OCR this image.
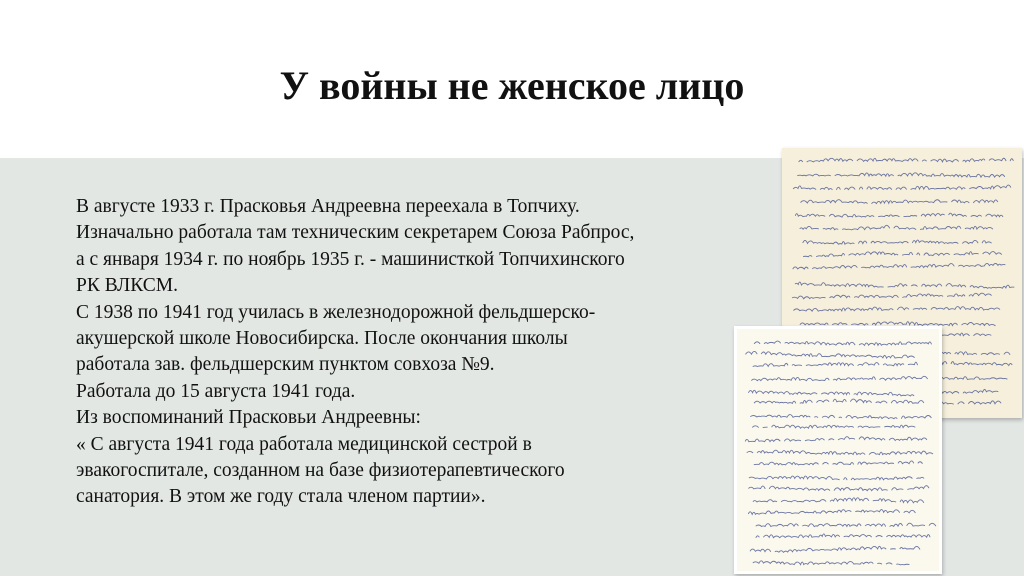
У войны не женское лицо

В августе 1933 г. Прасковья Андреевна переехала в Топчиху.

Изначально работала там техническим секретарем Союза Рабпрос, а с января 1934 г. по ноябрь 1935 г. - машинисткой Топчихинского РК ВЛКСМ.

С 1938 по 1941 год училась в железнодорожной фельдшерско-акушерской школе Новосибирска. После окончания школы работала зав. фельдшерским пунктом совхоза №9.

Работала до 15 августа 1941 года.

Из воспоминаний Прасковьи Андреевны:

« С августа 1941 года работала медицинской сестрой в эвакогоспитале, созданном на базе физиотерапевтического санатория. В этом же году стала членом партии».
